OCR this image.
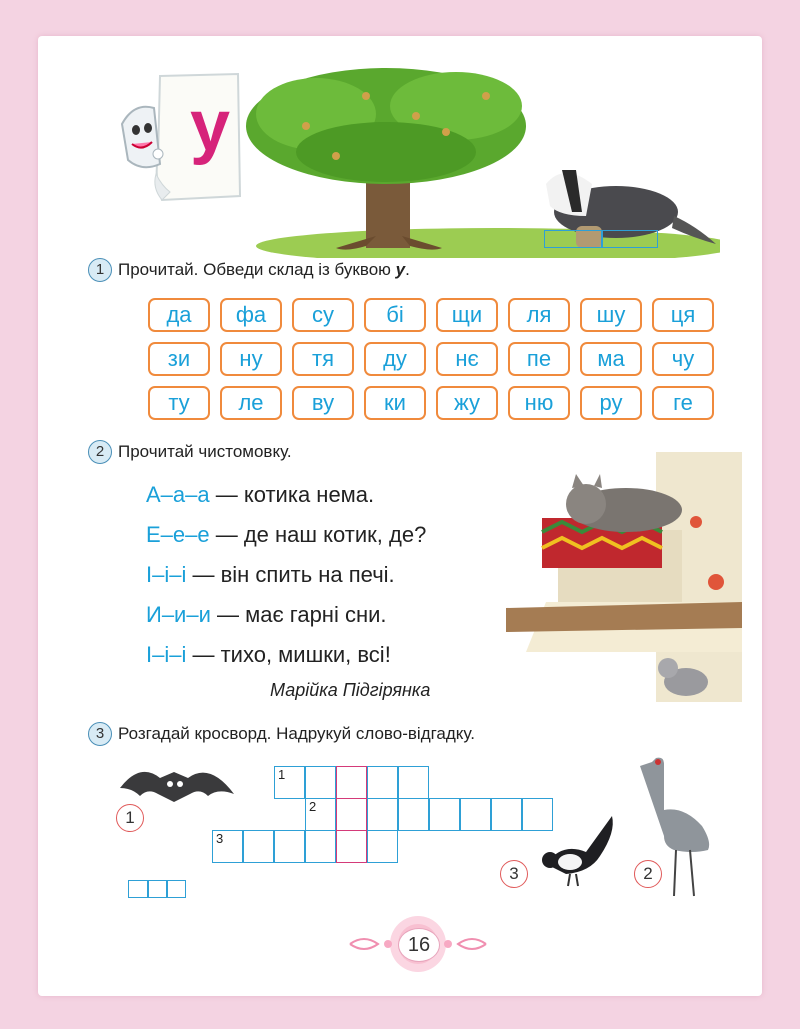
у
1 Прочитай. Обведи склад із буквою у.
да	фа	су	бі	щи	ля	шу	ця
зи	ну	тя	ду	нє	пе	ма	чу
ту	ле	ву	ки	жу	ню	ру	ге
2 Прочитай чистомовку.
А–а–а — котика нема.
Е–е–е — де наш котик, де?
І–і–і — він спить на печі.
И–и–и — має гарні сни.
І–і–і — тихо, мишки, всі!
Марійка Підгірянка
3 Розгадай кросворд. Надрукуй слово-відгадку.
1
1
2
3
3	2
16
